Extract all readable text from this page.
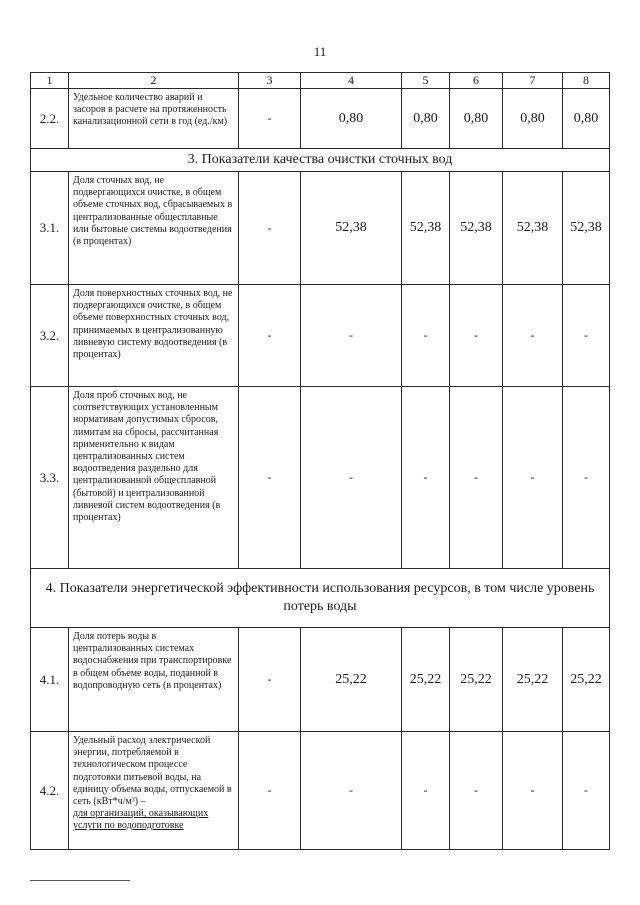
11
1	2	3	4	5	6	7	8
2.2.	Удельное количество аварий и засоров в расчете на протяженность канализационной сети в год (ед./км)	-	0,80	0,80	0,80	0,80	0,80
3. Показатели качества очистки сточных вод							
3.1.	Доля сточных вод, не подвергающихся очистке, в общем объеме сточных вод, сбрасываемых в централизованные общесплавные или бытовые системы водоотведения (в процентах)	-	52,38	52,38	52,38	52,38	52,38
3.2.	Доля поверхностных сточных вод, не подвергающихся очистке, в общем объеме поверхностных сточных вод, принимаемых в централизованную ливневую систему водоотведения (в процентах)	-	-	-	-	-	-
3.3.	Доля проб сточных вод, не соответствующих установленным нормативам допустимых сбросов, лимитам на сбросы, рассчитанная применительно к видам централизованных систем водоотведения раздельно для централизованной общесплавной (бытовой) и централизованной ливневой систем водоотведения (в процентах)	-	-	-	-	-	-
4. Показатели энергетической эффективности использования ресурсов, в том числе уровень потерь воды							
4.1.	Доля потерь воды в централизованных системах водоснабжения при транспортировке в общем объеме воды, поданной в водопроводную сеть (в процентах)	-	25,22	25,22	25,22	25,22	25,22
4.2.	Удельный расход электрической энергии, потребляемой в технологическом процессе подготовки питьевой воды, на единицу объема воды, отпускаемой в сеть (кВт*ч/м³) –
для организаций, оказывающих услуги по водоподготовке	-	-	-	-	-	-
